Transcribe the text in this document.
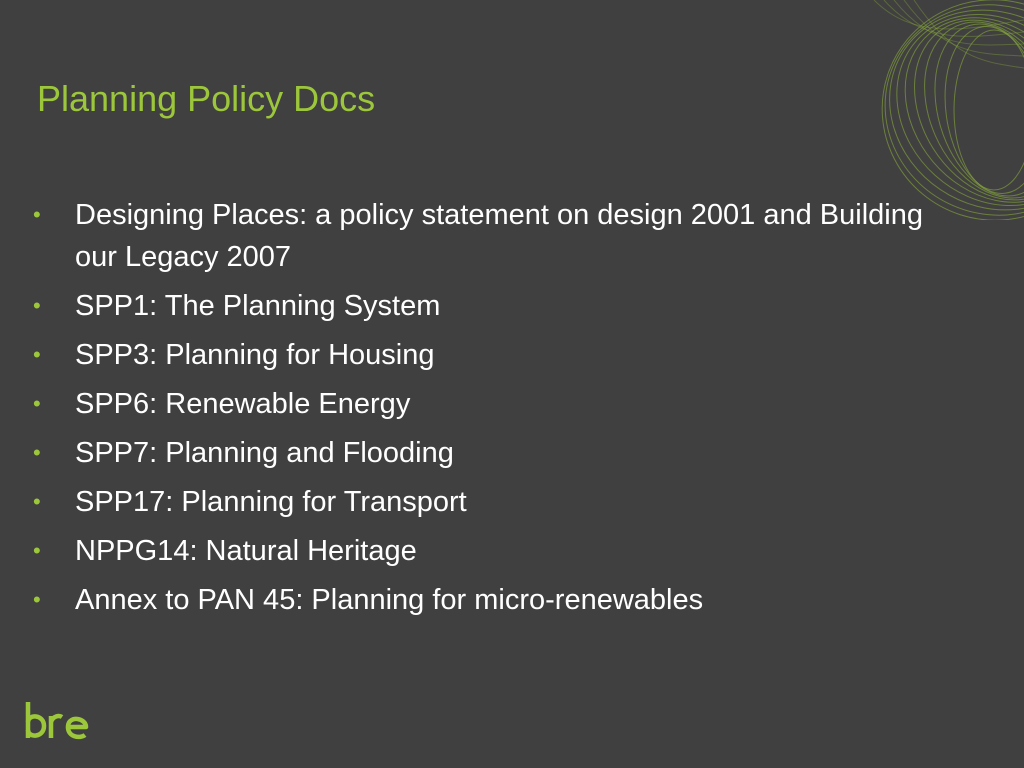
Planning Policy Docs
• Designing Places: a policy statement on design 2001 and Building our Legacy 2007
• SPP1: The Planning System
• SPP3: Planning for Housing
• SPP6: Renewable Energy
• SPP7: Planning and Flooding
• SPP17: Planning for Transport
• NPPG14: Natural Heritage
• Annex to PAN 45: Planning for micro-renewables
